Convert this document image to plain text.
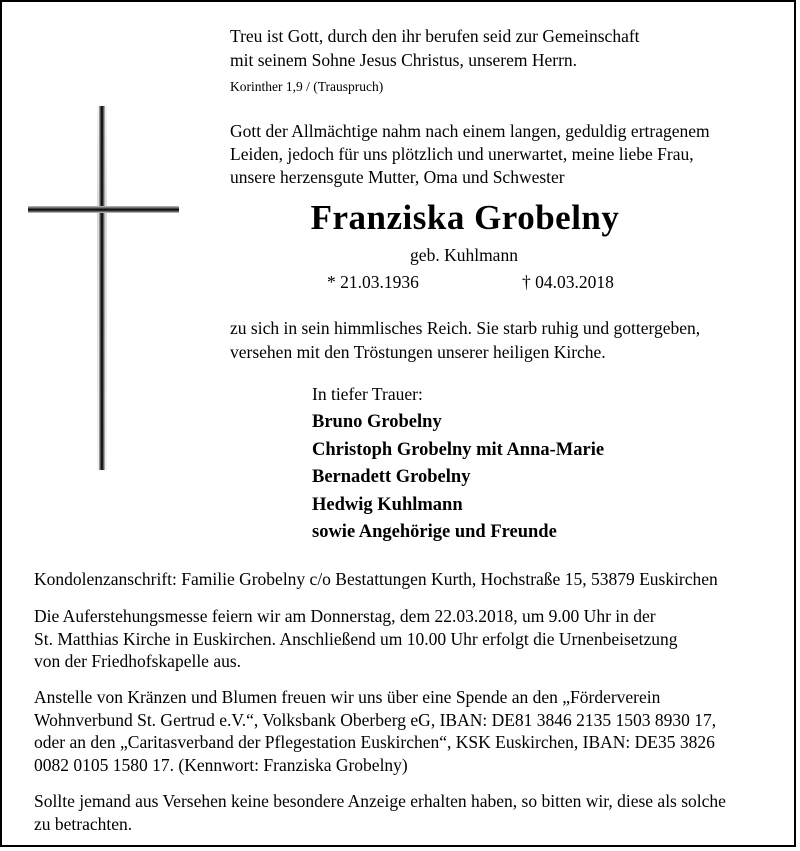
Treu ist Gott, durch den ihr berufen seid zur Gemeinschaft
mit seinem Sohne Jesus Christus, unserem Herrn.
Korinther 1,9 / (Trauspruch)
Gott der Allmächtige nahm nach einem langen, geduldig ertragenem
Leiden, jedoch für uns plötzlich und unerwartet, meine liebe Frau,
unsere herzensgute Mutter, Oma und Schwester
Franziska Grobelny
geb. Kuhlmann
* 21.03.1936	† 04.03.2018
zu sich in sein himmlisches Reich. Sie starb ruhig und gottergeben,
versehen mit den Tröstungen unserer heiligen Kirche.
In tiefer Trauer:
Bruno Grobelny
Christoph Grobelny mit Anna-Marie
Bernadett Grobelny
Hedwig Kuhlmann
sowie Angehörige und Freunde
Kondolenzanschrift: Familie Grobelny c/o Bestattungen Kurth, Hochstraße 15, 53879 Euskirchen
Die Auferstehungsmesse feiern wir am Donnerstag, dem 22.03.2018, um 9.00 Uhr in der
St. Matthias Kirche in Euskirchen. Anschließend um 10.00 Uhr erfolgt die Urnenbeisetzung
von der Friedhofskapelle aus.
Anstelle von Kränzen und Blumen freuen wir uns über eine Spende an den „Förderverein
Wohnverbund St. Gertrud e.V.“, Volksbank Oberberg eG, IBAN: DE81 3846 2135 1503 8930 17,
oder an den „Caritasverband der Pflegestation Euskirchen“, KSK Euskirchen, IBAN: DE35 3826
0082 0105 1580 17. (Kennwort: Franziska Grobelny)
Sollte jemand aus Versehen keine besondere Anzeige erhalten haben, so bitten wir, diese als solche
zu betrachten.
